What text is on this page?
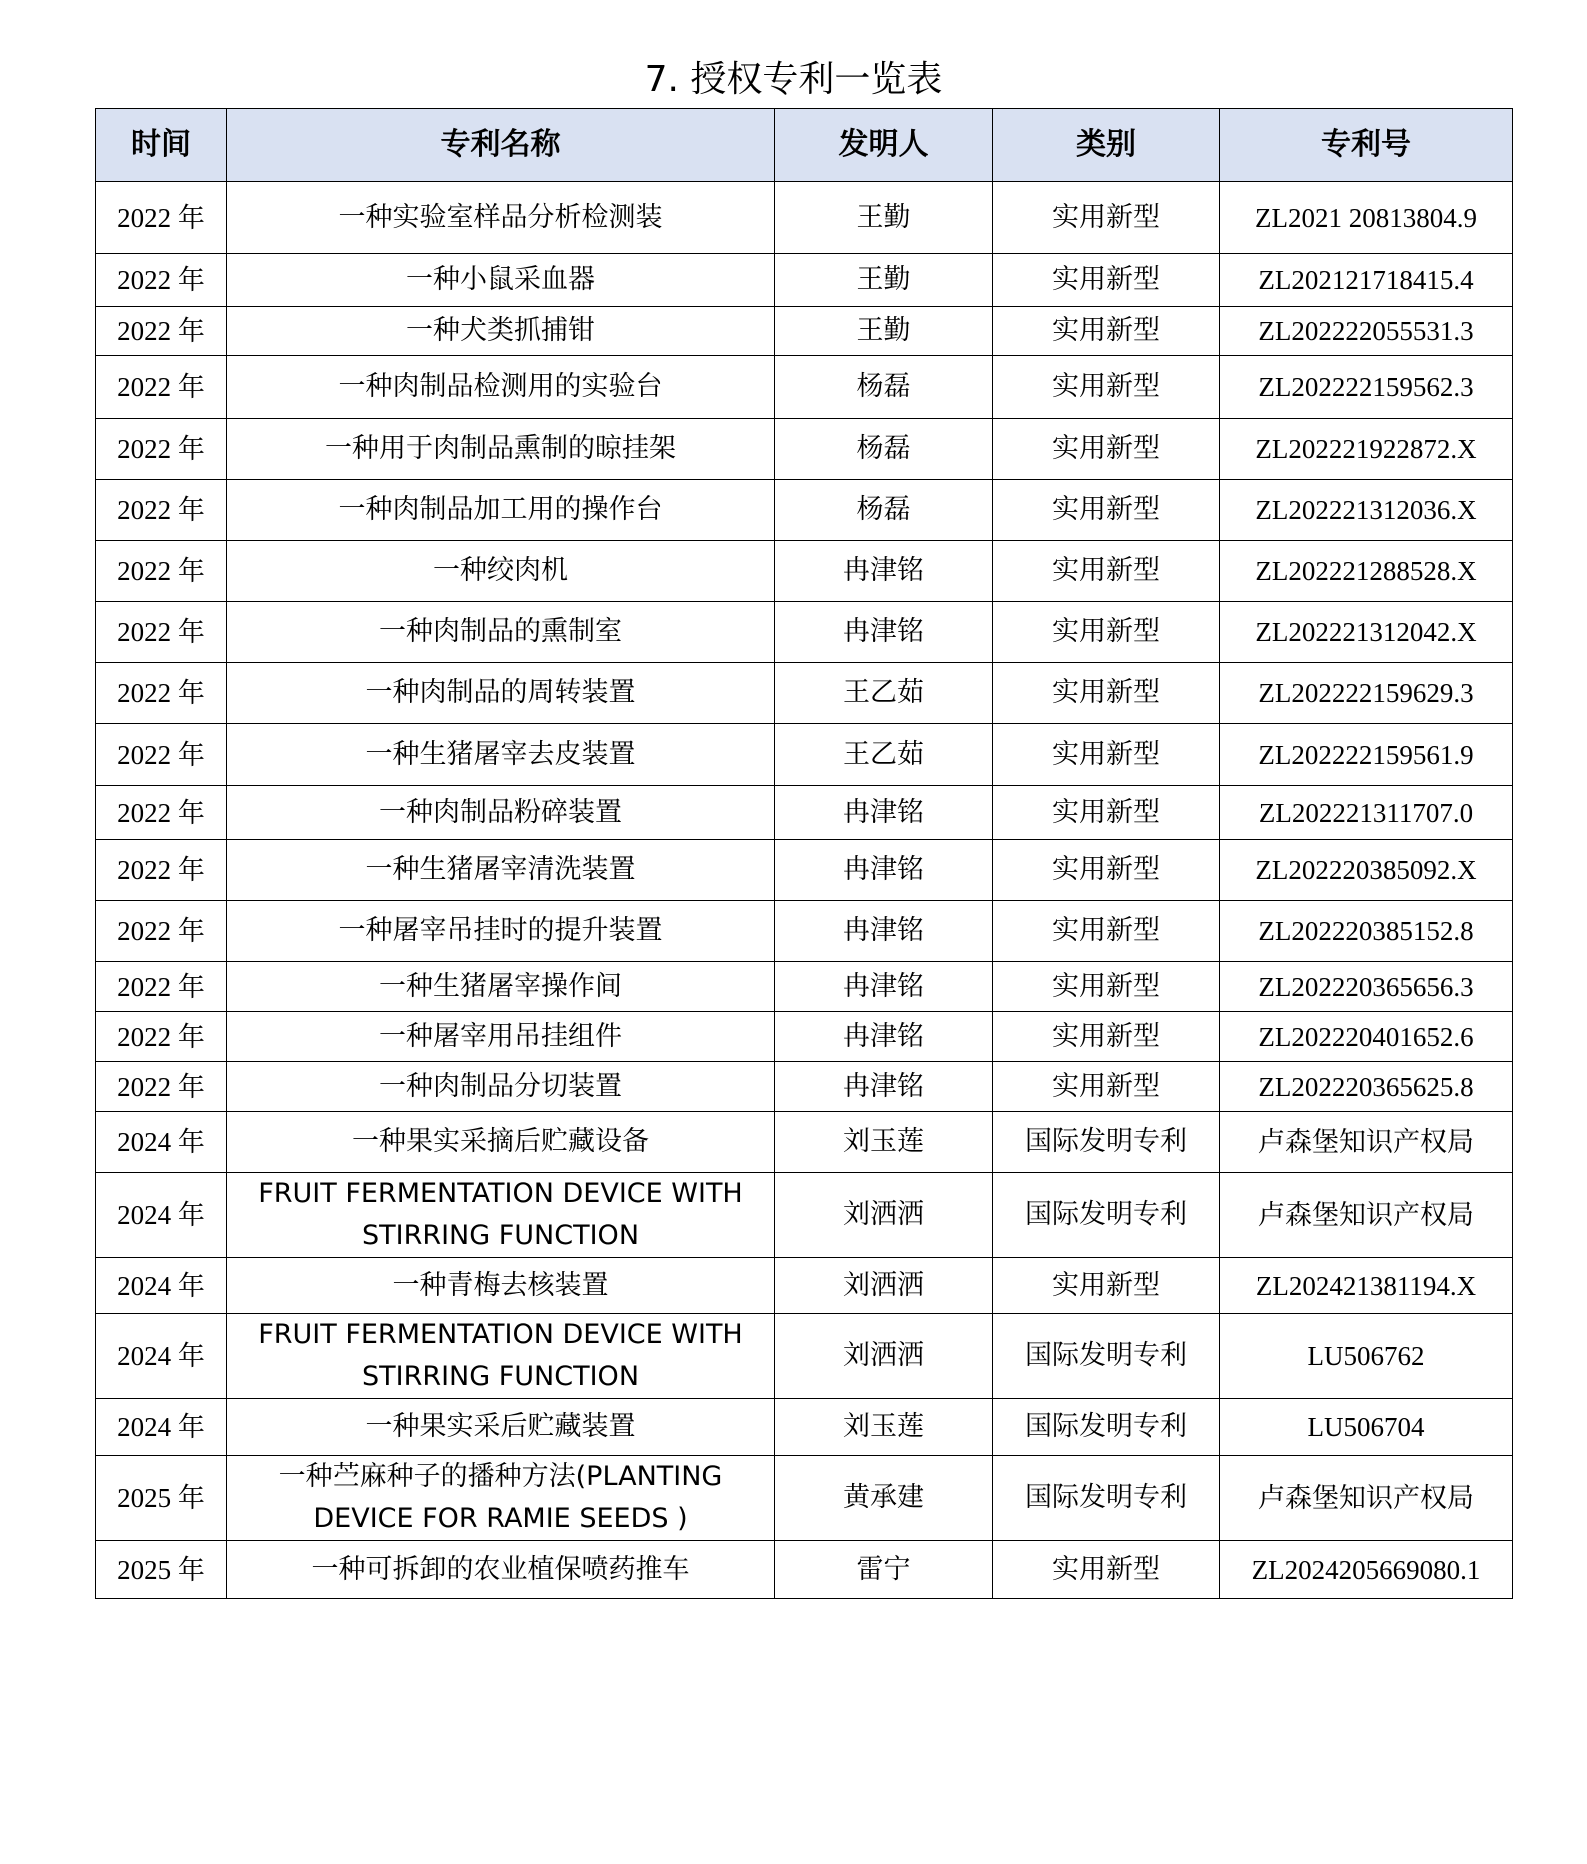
7. 授权专利一览表
时间	专利名称	发明人	类别	专利号
2022 年	一种实验室样品分析检测装	王勤	实用新型	ZL2021 20813804.9
2022 年	一种小鼠采血器	王勤	实用新型	ZL202121718415.4
2022 年	一种犬类抓捕钳	王勤	实用新型	ZL202222055531.3
2022 年	一种肉制品检测用的实验台	杨磊	实用新型	ZL202222159562.3
2022 年	一种用于肉制品熏制的晾挂架	杨磊	实用新型	ZL202221922872.X
2022 年	一种肉制品加工用的操作台	杨磊	实用新型	ZL202221312036.X
2022 年	一种绞肉机	冉津铭	实用新型	ZL202221288528.X
2022 年	一种肉制品的熏制室	冉津铭	实用新型	ZL202221312042.X
2022 年	一种肉制品的周转装置	王乙茹	实用新型	ZL202222159629.3
2022 年	一种生猪屠宰去皮装置	王乙茹	实用新型	ZL202222159561.9
2022 年	一种肉制品粉碎装置	冉津铭	实用新型	ZL202221311707.0
2022 年	一种生猪屠宰清洗装置	冉津铭	实用新型	ZL202220385092.X
2022 年	一种屠宰吊挂时的提升装置	冉津铭	实用新型	ZL202220385152.8
2022 年	一种生猪屠宰操作间	冉津铭	实用新型	ZL202220365656.3
2022 年	一种屠宰用吊挂组件	冉津铭	实用新型	ZL202220401652.6
2022 年	一种肉制品分切装置	冉津铭	实用新型	ZL202220365625.8
2024 年	一种果实采摘后贮藏设备	刘玉莲	国际发明专利	卢森堡知识产权局
2024 年	FRUIT FERMENTATION DEVICE WITH STIRRING FUNCTION	刘洒洒	国际发明专利	卢森堡知识产权局
2024 年	一种青梅去核装置	刘洒洒	实用新型	ZL202421381194.X
2024 年	FRUIT FERMENTATION DEVICE WITH STIRRING FUNCTION	刘洒洒	国际发明专利	LU506762
2024 年	一种果实采后贮藏装置	刘玉莲	国际发明专利	LU506704
2025 年	一种苎麻种子的播种方法(PLANTING DEVICE FOR RAMIE SEEDS )	黄承建	国际发明专利	卢森堡知识产权局
2025 年	一种可拆卸的农业植保喷药推车	雷宁	实用新型	ZL2024205669080.1
